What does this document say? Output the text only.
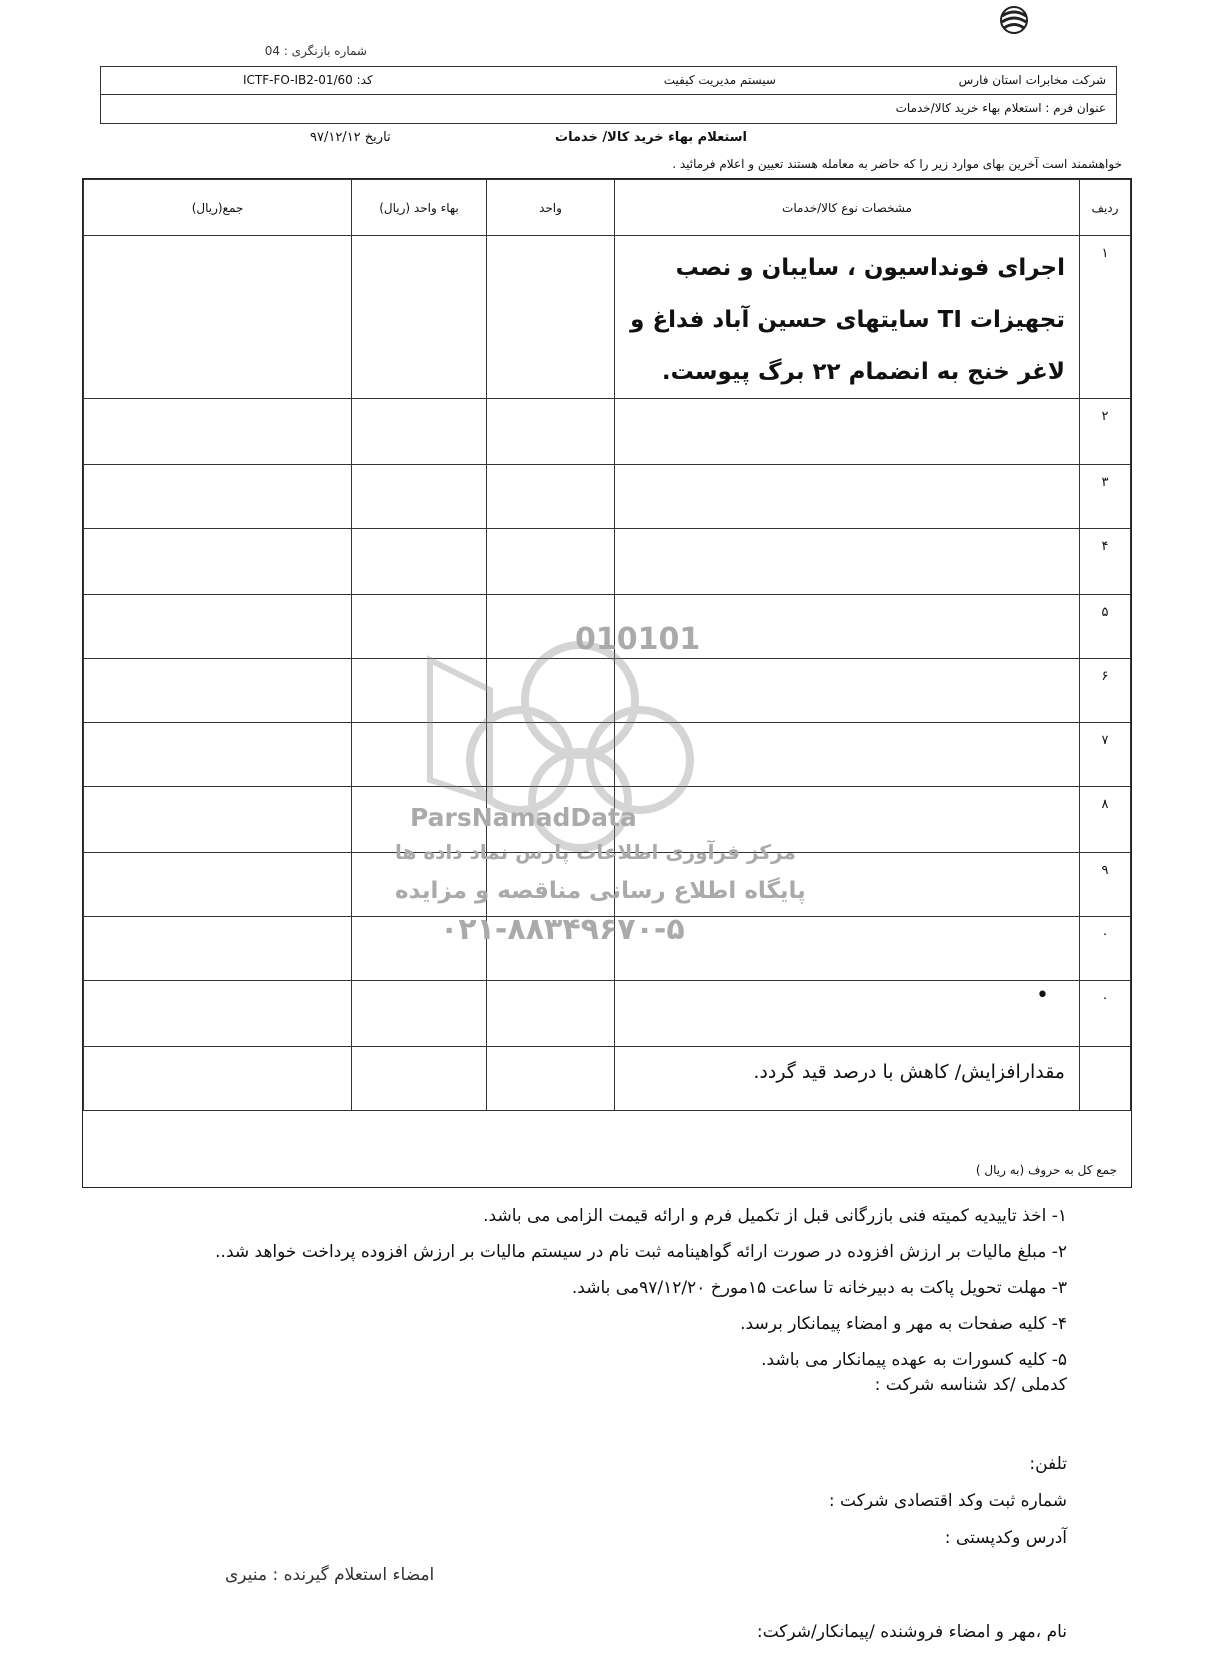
شماره بازنگری : 04
شرکت مخابرات استان فارس
سیستم مدیریت کیفیت
ICTF-FO-IB2-01/60 :کد
عنوان فرم : استعلام بهاء خرید کالا/خدمات
استعلام بهاء خرید کالا/ خدمات
تاریخ ۹۷/۱۲/۱۲
خواهشمند است آخرین بهای موارد زیر را که حاضر به معامله هستند تعیین و اعلام فرمائید .
ردیف	مشخصات نوع کالا/خدمات	واحد	بهاء واحد (ریال)	جمع(ریال)
۱	اجرای فونداسیون ، سایبان و نصب تجهیزات TI سایتهای حسین آباد فداغ و لاغر خنج به انضمام ۲۲ برگ پیوست.			

۲				
۳				
۴				
۵				
۶				
۷				
۸				
۹				
۰				
۰	•			

	مقدارافزایش/ کاهش با درصد قید گردد.			

جمع کل به حروف (به ریال )
010101
ParsNamadData
مرکز فرآوری اطلاعات پارس نماد داده ها
پایگاه اطلاع رسانی مناقصه و مزایده
۰۲۱-۸۸۳۴۹۶۷۰-۵
۱- اخذ تاییدیه کمیته فنی بازرگانی قبل از تکمیل فرم و ارائه قیمت الزامی می باشد.
۲- مبلغ مالیات بر ارزش افزوده در صورت ارائه گواهینامه ثبت نام در سیستم مالیات بر ارزش افزوده پرداخت خواهد شد..
۳- مهلت تحویل پاکت به دبیرخانه تا ساعت ۱۵مورخ ۹۷/۱۲/۲۰می باشد.
۴- کلیه صفحات به مهر و امضاء پیمانکار برسد.
۵- کلیه کسورات به عهده پیمانکار می باشد.
کدملی /کد شناسه شرکت :
تلفن:
شماره ثبت وکد اقتصادی شرکت :
آدرس وکدپستی :
امضاء استعلام گیرنده : منیری
نام ،مهر و امضاء فروشنده /پیمانکار/شرکت:
